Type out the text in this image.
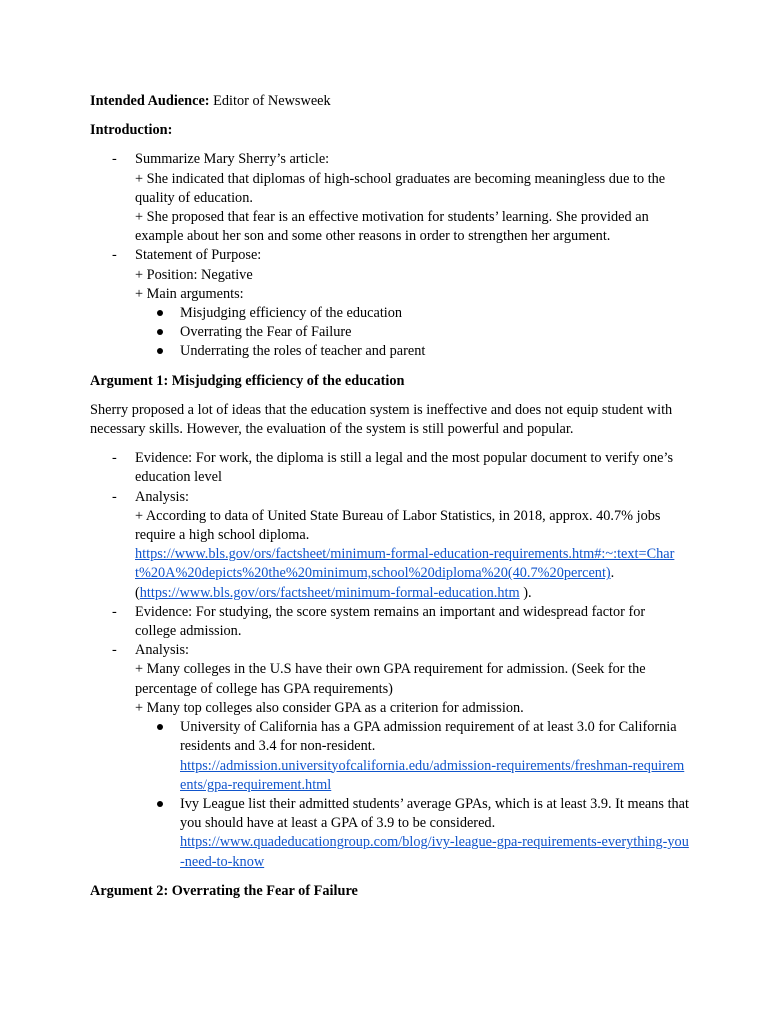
Intended Audience: Editor of Newsweek

Introduction:

- Summarize Mary Sherry’s article:
+ She indicated that diplomas of high-school graduates are becoming meaningless due to the quality of education.
+ She proposed that fear is an effective motivation for students’ learning. She provided an example about her son and some other reasons in order to strengthen her argument.
- Statement of Purpose:
+ Position: Negative
+ Main arguments:
Misjudging efficiency of the education
Overrating the Fear of Failure
Underrating the roles of teacher and parent

Argument 1: Misjudging efficiency of the education

Sherry proposed a lot of ideas that the education system is ineffective and does not equip student with necessary skills. However, the evaluation of the system is still powerful and popular.

- Evidence: For work, the diploma is still a legal and the most popular document to verify one’s education level
- Analysis:
+ According to data of United State Bureau of Labor Statistics, in 2018, approx. 40.7% jobs require a high school diploma.
https://www.bls.gov/ors/factsheet/minimum-formal-education-requirements.htm#:~:text=Chart%20A%20depicts%20the%20minimum,school%20diploma%20(40.7%20percent).
(https://www.bls.gov/ors/factsheet/minimum-formal-education.htm ).
- Evidence: For studying, the score system remains an important and widespread factor for college admission.
- Analysis:
+ Many colleges in the U.S have their own GPA requirement for admission. (Seek for the percentage of college has GPA requirements)
+ Many top colleges also consider GPA as a criterion for admission.
University of California has a GPA admission requirement of at least 3.0 for California residents and 3.4 for non-resident.
https://admission.universityofcalifornia.edu/admission-requirements/freshman-requirements/gpa-requirement.html
Ivy League list their admitted students’ average GPAs, which is at least 3.9. It means that you should have at least a GPA of 3.9 to be considered.
https://www.quadeducationgroup.com/blog/ivy-league-gpa-requirements-everything-you-need-to-know

Argument 2: Overrating the Fear of Failure
